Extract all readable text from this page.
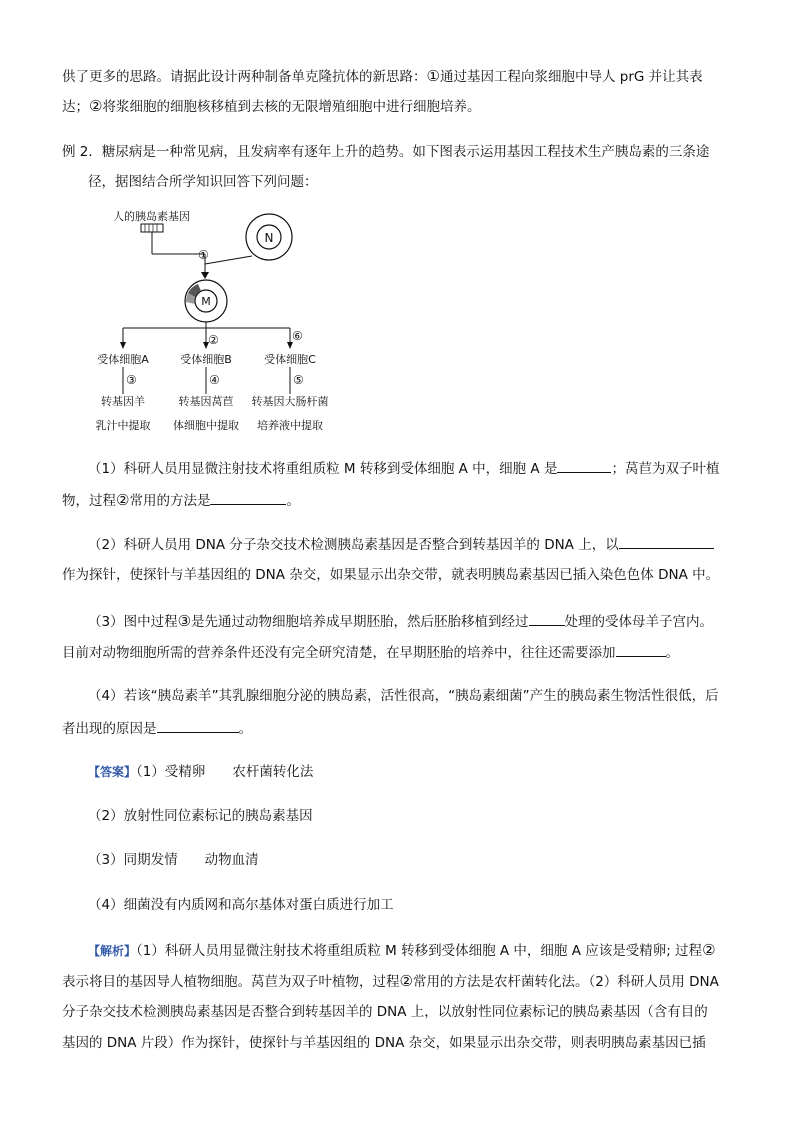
供了更多的思路。请据此设计两种制备单克隆抗体的新思路：①通过基因工程向浆细胞中导人 prG 并让其表
达；②将浆细胞的细胞核移植到去核的无限增殖细胞中进行细胞培养。
例 2．糖尿病是一种常见病，且发病率有逐年上升的趋势。如下图表示运用基因工程技术生产胰岛素的三条途
径，据图结合所学知识回答下列问题：
人的胰岛素基因
N
①
M
②	⑥
受体细胞A	受体细胞B	受体细胞C
③	④	⑤
转基因羊	转基因莴苣 转基因大肠杆菌
乳汁中提取 体细胞中提取 培养液中提取
（1）科研人员用显微注射技术将重组质粒 M 转移到受体细胞 A 中，细胞 A 是	；莴苣为双子叶植
物，过程②常用的方法是	。
（2）科研人员用 DNA 分子杂交技术检测胰岛素基因是否整合到转基因羊的 DNA 上，以
作为探针，使探针与羊基因组的 DNA 杂交，如果显示出杂交带，就表明胰岛素基因已插入染色色体 DNA 中。
（3）图中过程③是先通过动物细胞培养成早期胚胎，然后胚胎移植到经过	处理的受体母羊子宫内。
目前对动物细胞所需的营养条件还没有完全研究清楚，在早期胚胎的培养中，往往还需要添加	。
（4）若该“胰岛素羊”其乳腺细胞分泌的胰岛素，活性很高，“胰岛素细菌”产生的胰岛素生物活性很低，后
者出现的原因是	。
【答案】（1）受精卵　　农杆菌转化法
（2）放射性同位素标记的胰岛素基因
（3）同期发情　　动物血清
（4）细菌没有内质网和高尔基体对蛋白质进行加工
【解析】（1）科研人员用显微注射技术将重组质粒 M 转移到受体细胞 A 中，细胞 A 应该是受精卵; 过程②
表示将目的基因导人植物细胞。莴苣为双子叶植物，过程②常用的方法是农杆菌转化法。（2）科研人员用 DNA
分子杂交技术检测胰岛素基因是否整合到转基因羊的 DNA 上，以放射性同位素标记的胰岛素基因（含有目的
基因的 DNA 片段）作为探针，使探针与羊基因组的 DNA 杂交，如果显示出杂交带，则表明胰岛素基因已插
